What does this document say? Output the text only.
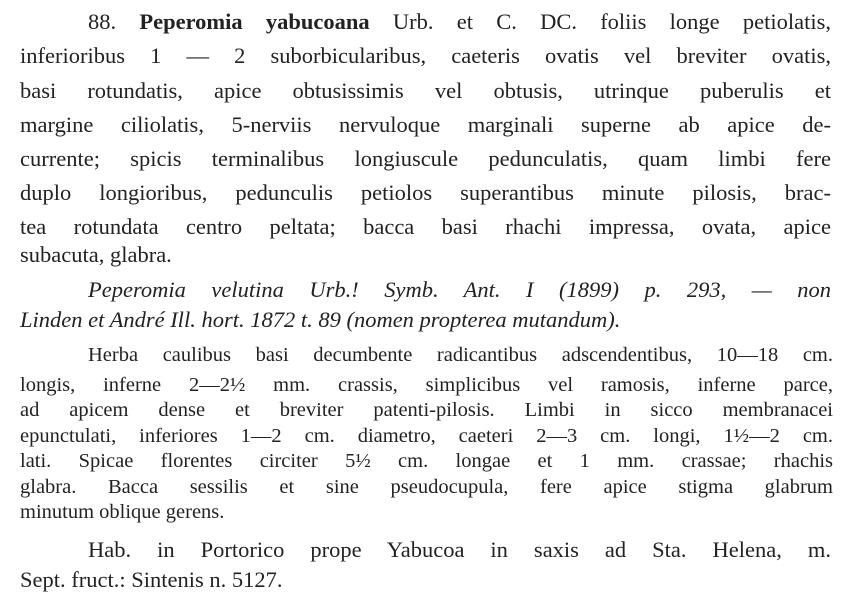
88. Peperomia yabucoana Urb. et C. DC. foliis longe petiolatis,
inferioribus 1 — 2 suborbicularibus, caeteris ovatis vel breviter ovatis,
basi rotundatis, apice obtusissimis vel obtusis, utrinque puberulis et
margine ciliolatis, 5-nerviis nervuloque marginali superne ab apice de-
currente; spicis terminalibus longiuscule pedunculatis, quam limbi fere
duplo longioribus, pedunculis petiolos superantibus minute pilosis, brac-
tea rotundata centro peltata; bacca basi rhachi impressa, ovata, apice
subacuta, glabra.
Peperomia velutina Urb.! Symb. Ant. I (1899) p. 293, — non
Linden et André Ill. hort. 1872 t. 89 (nomen propterea mutandum).
Herba caulibus basi decumbente radicantibus adscendentibus, 10—18 cm.
longis, inferne 2—2½ mm. crassis, simplicibus vel ramosis, inferne parce,
ad apicem dense et breviter patenti-pilosis. Limbi in sicco membranacei
epunctulati, inferiores 1—2 cm. diametro, caeteri 2—3 cm. longi, 1½—2 cm.
lati. Spicae florentes circiter 5½ cm. longae et 1 mm. crassae; rhachis
glabra. Bacca sessilis et sine pseudocupula, fere apice stigma glabrum
minutum oblique gerens.
Hab. in Portorico prope Yabucoa in saxis ad Sta. Helena, m.
Sept. fruct.: Sintenis n. 5127.
